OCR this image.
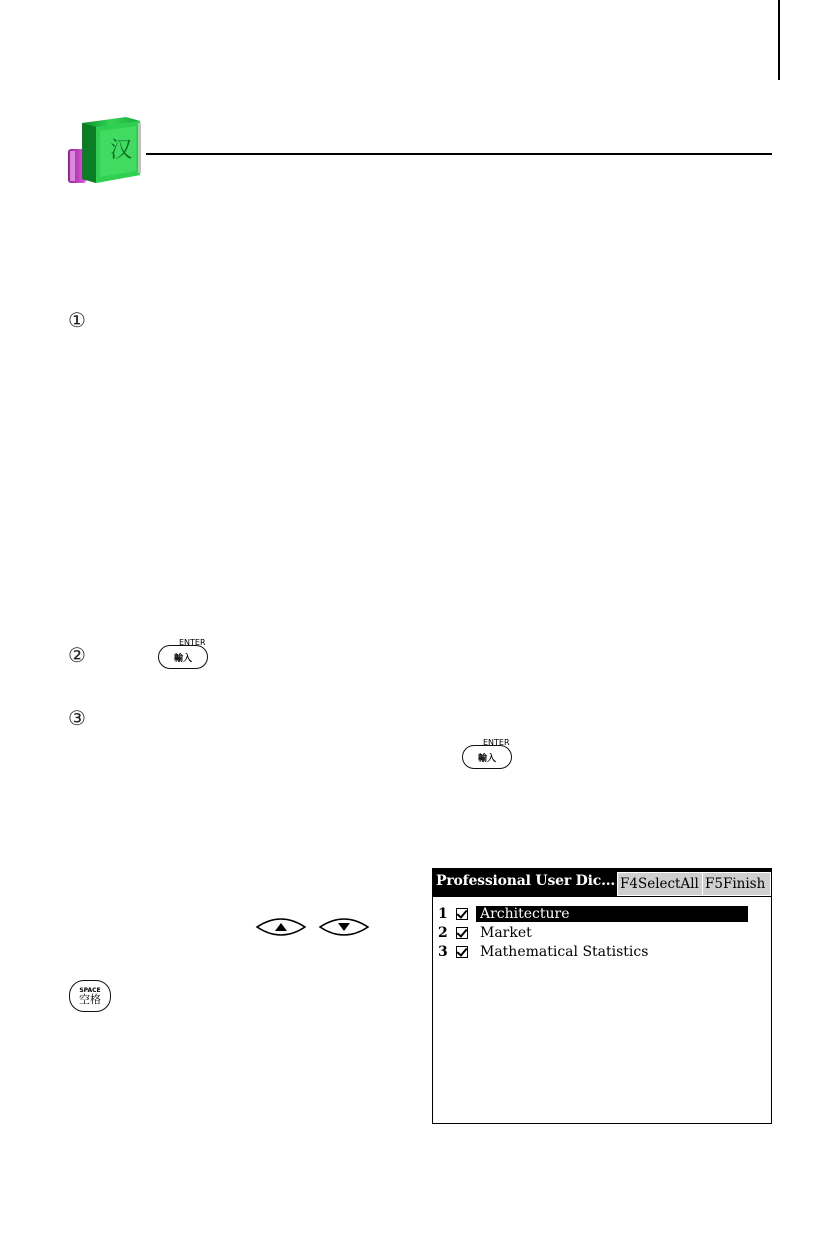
汉
①
②
③
ENTER
輸入
ENTER
輸入
SPACE
空格
Professional User Dic... F4SelectAll F5Finish
1	Architecture
2	Market
3	Mathematical Statistics
